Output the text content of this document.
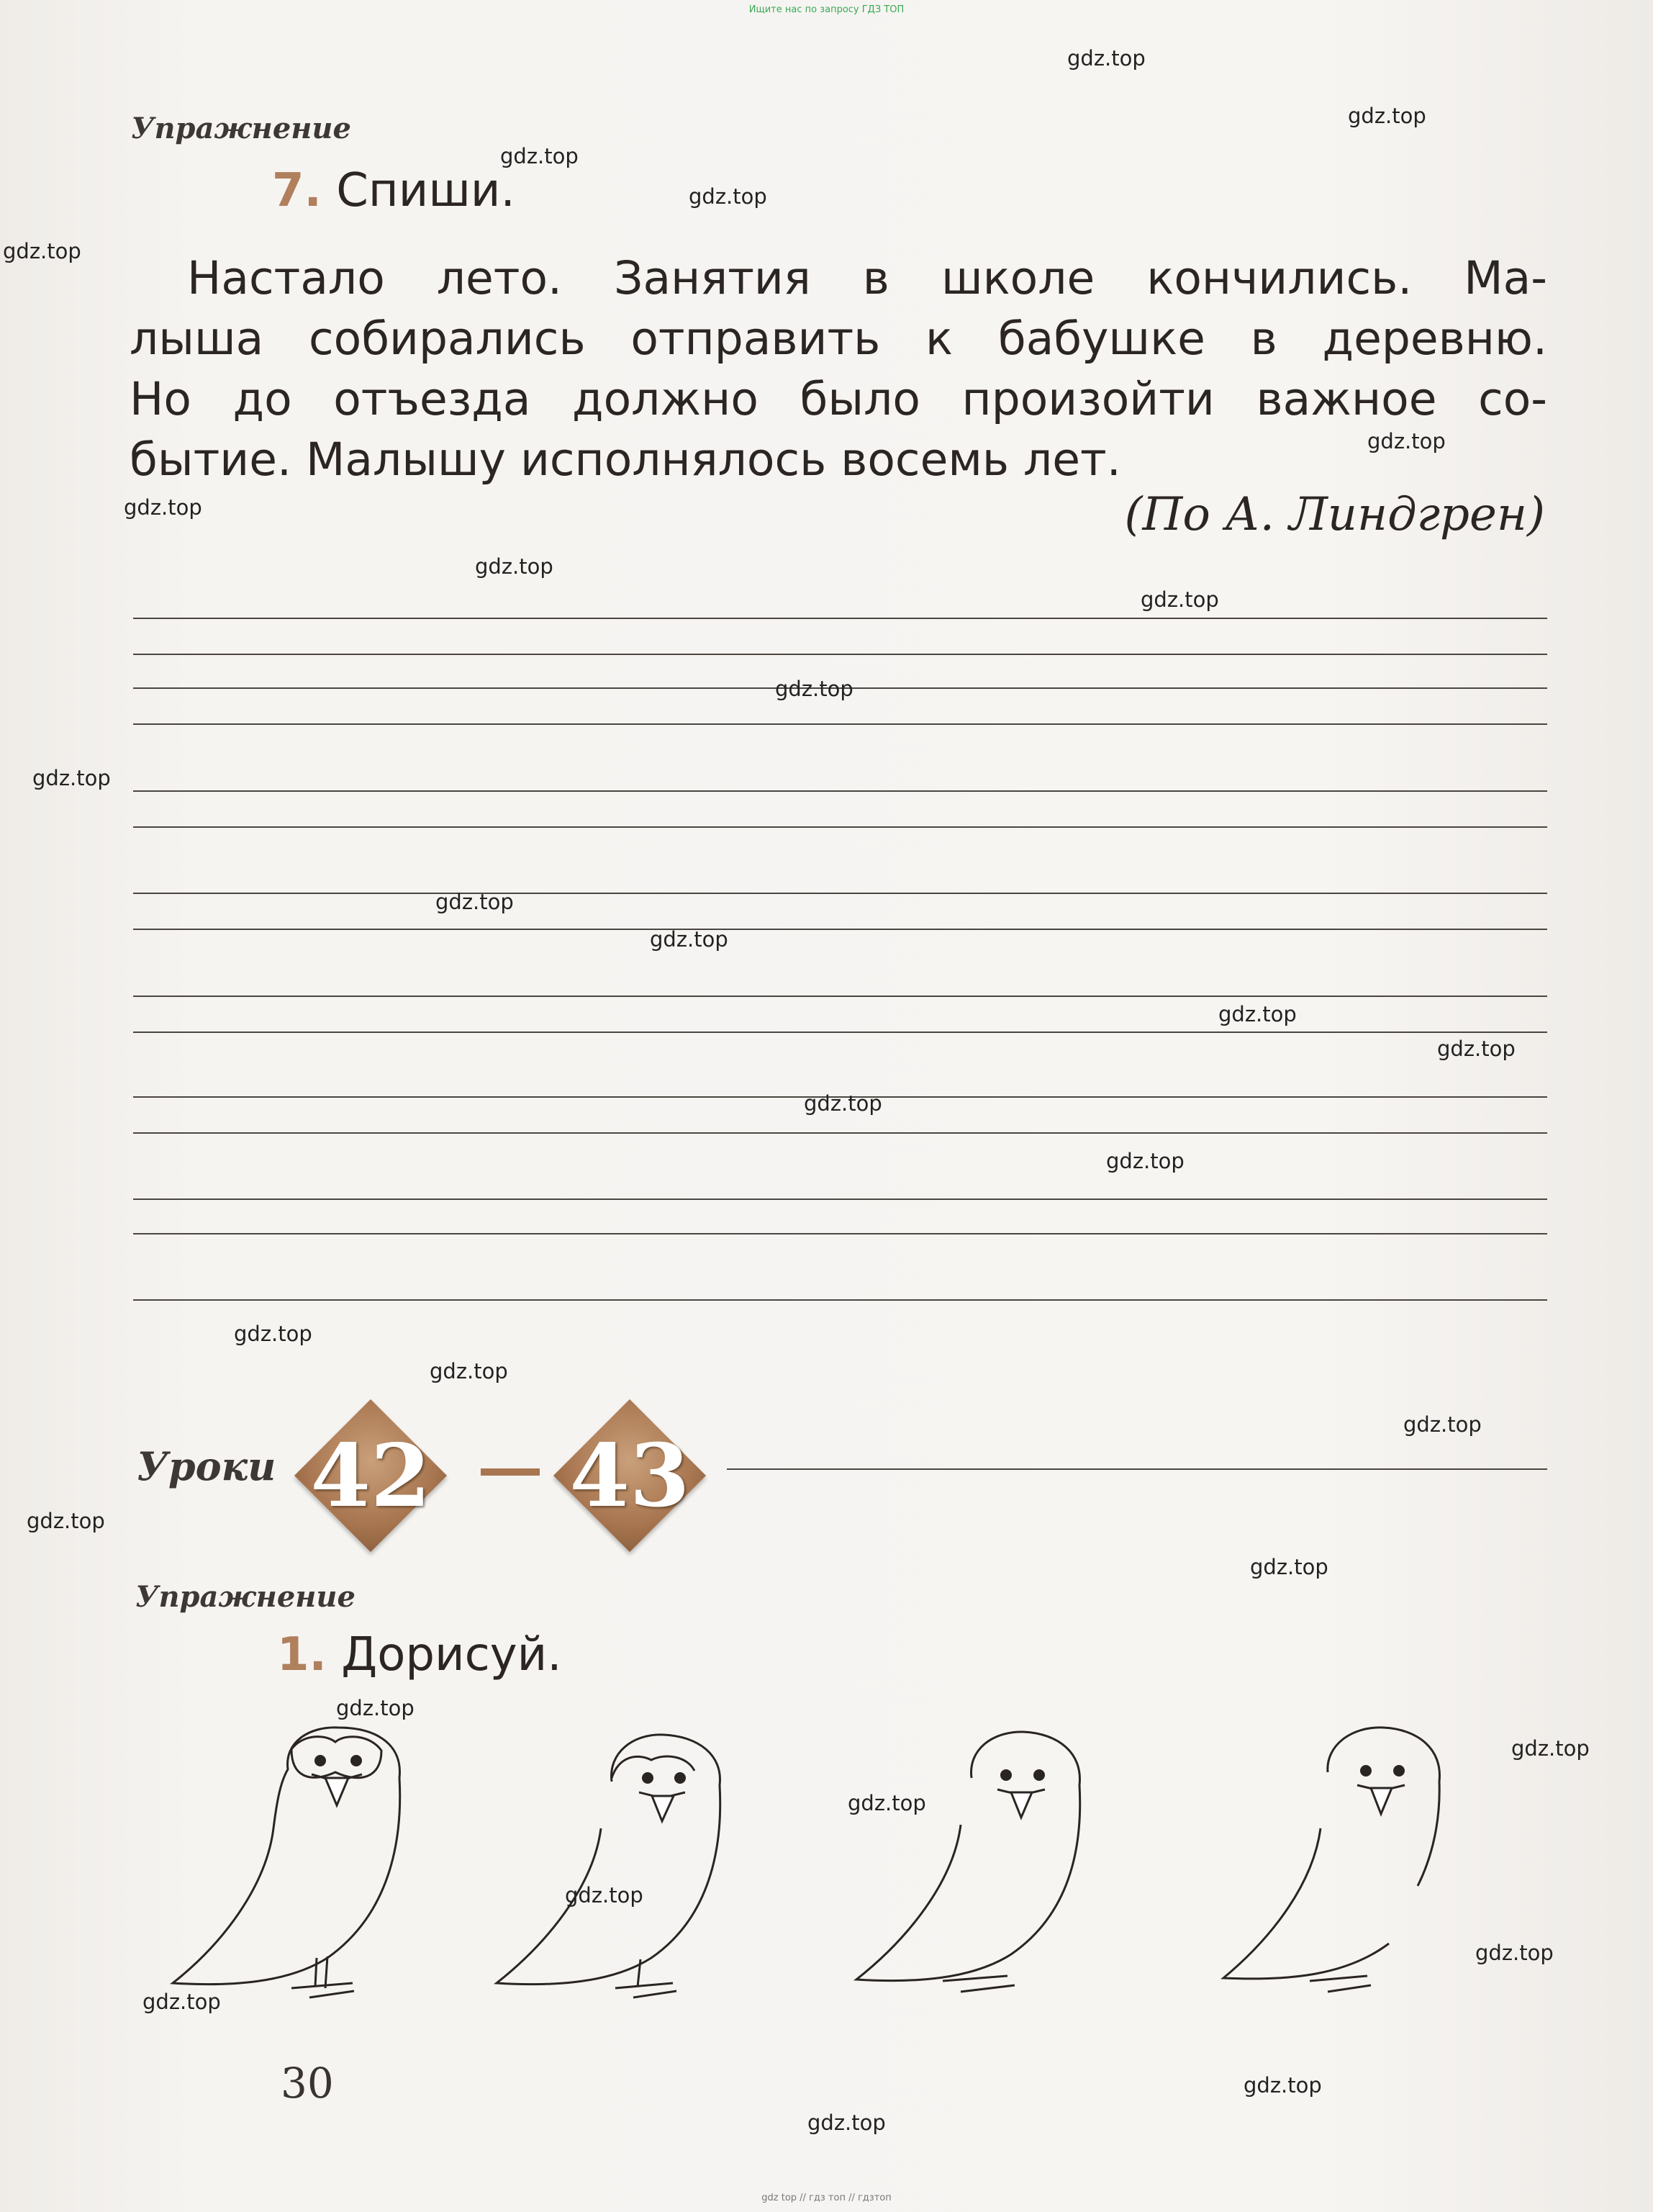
Ищите нас по запросу ГДЗ ТОП
Упражнение
7. Спиши.
Настало лето. Занятия в школе кончились. Ма-
лыша собирались отправить к бабушке в деревню.
Но до отъезда должно было произойти важное со-
бытие. Малышу исполнялось восемь лет.
(По А. Линдгрен)
Уроки 42 43
Упражнение
1. Дорисуй.
30
gdz.top
gdz.top
gdz.top
gdz.top
gdz.top
gdz.top
gdz.top
gdz.top
gdz.top
gdz.top
gdz.top
gdz.top
gdz.top
gdz.top
gdz.top
gdz.top
gdz.top
gdz.top
gdz.top
gdz.top
gdz.top
gdz.top
gdz.top
gdz.top
gdz.top
gdz.top
gdz.top
gdz.top
gdz.top
gdz.top
gdz top // гдз топ // гдзтоп
